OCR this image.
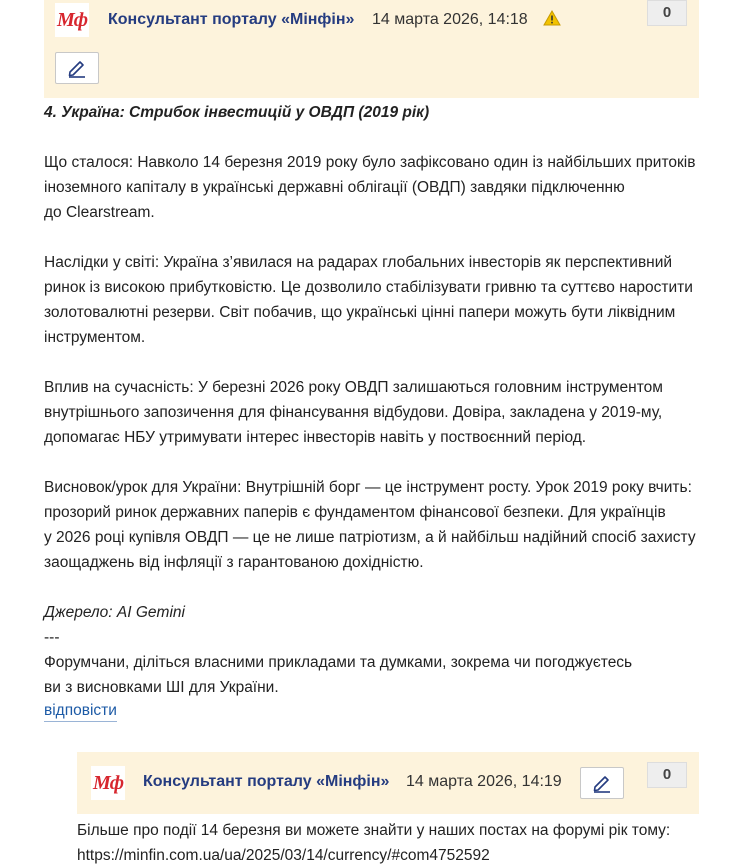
Мф Консультант порталу «Мінфін» 14 марта 2026, 14:18	0

4. Україна: Стрибок інвестицій у ОВДП (2019 рік)

Що сталося: Навколо 14 березня 2019 року було зафіксовано один із найбільших притоків
іноземного капіталу в українські державні облігації (ОВДП) завдяки підключенню
до Clearstream.

Наслідки у світі: Україна з’явилася на радарах глобальних інвесторів як перспективний
ринок із високою прибутковістю. Це дозволило стабілізувати гривню та суттєво наростити
золотовалютні резерви. Світ побачив, що українські цінні папери можуть бути ліквідним
інструментом.

Вплив на сучасність: У березні 2026 року ОВДП залишаються головним інструментом
внутрішнього запозичення для фінансування відбудови. Довіра, закладена у 2019-му,
допомагає НБУ утримувати інтерес інвесторів навіть у поствоєнний період.

Висновок/урок для України: Внутрішній борг — це інструмент росту. Урок 2019 року вчить:
прозорий ринок державних паперів є фундаментом фінансової безпеки. Для українців
у 2026 році купівля ОВДП — це не лише патріотизм, а й найбільш надійний спосіб захисту
заощаджень від інфляції з гарантованою дохідністю.

Джерело: AI Gemini

---

Форумчани, діліться власними прикладами та думками, зокрема чи погоджуєтесь
ви з висновками ШІ для України.

відповісти
Мф Консультант порталу «Мінфін» 14 марта 2026, 14:19	0
Більше про події 14 березня ви можете знайти у наших постах на форумі рік тому:
https://minfin.com.ua/ua/2025/03/14/currency/#com4752592
